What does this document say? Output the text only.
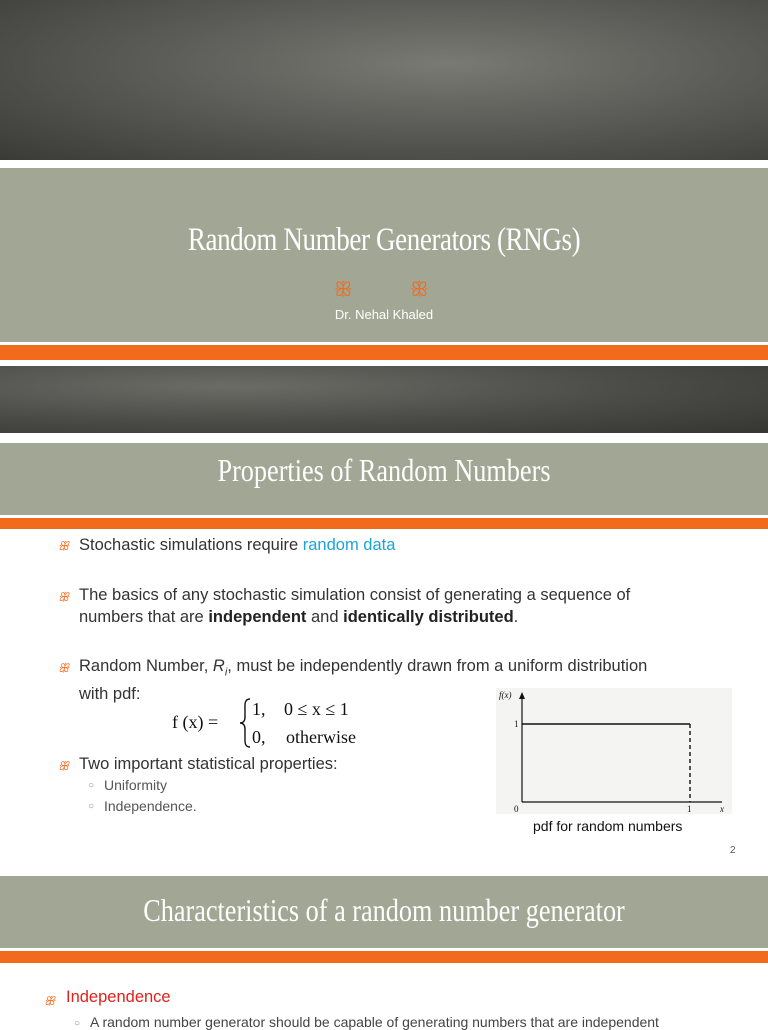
Random Number Generators (RNGs)
ꕥ	ꕥ
Dr. Nehal Khaled
Properties of Random Numbers
ꕥ Stochastic simulations require random data
ꕥ The basics of any stochastic simulation consist of generating a sequence of
numbers that are independent and identically distributed.
ꕥ Random Number, $R_i$, must be independently drawn from a uniform distribution
with pdf:
f (x) =
1, 0 ≤ x ≤ 1
0, otherwise
ꕥ Two important statistical properties:
○ Uniformity
○ Independence.
f(x)
1
0	1	x
pdf for random numbers
2
Characteristics of a random number generator
ꕥ Independence
○ A random number generator should be capable of generating numbers that are independent
